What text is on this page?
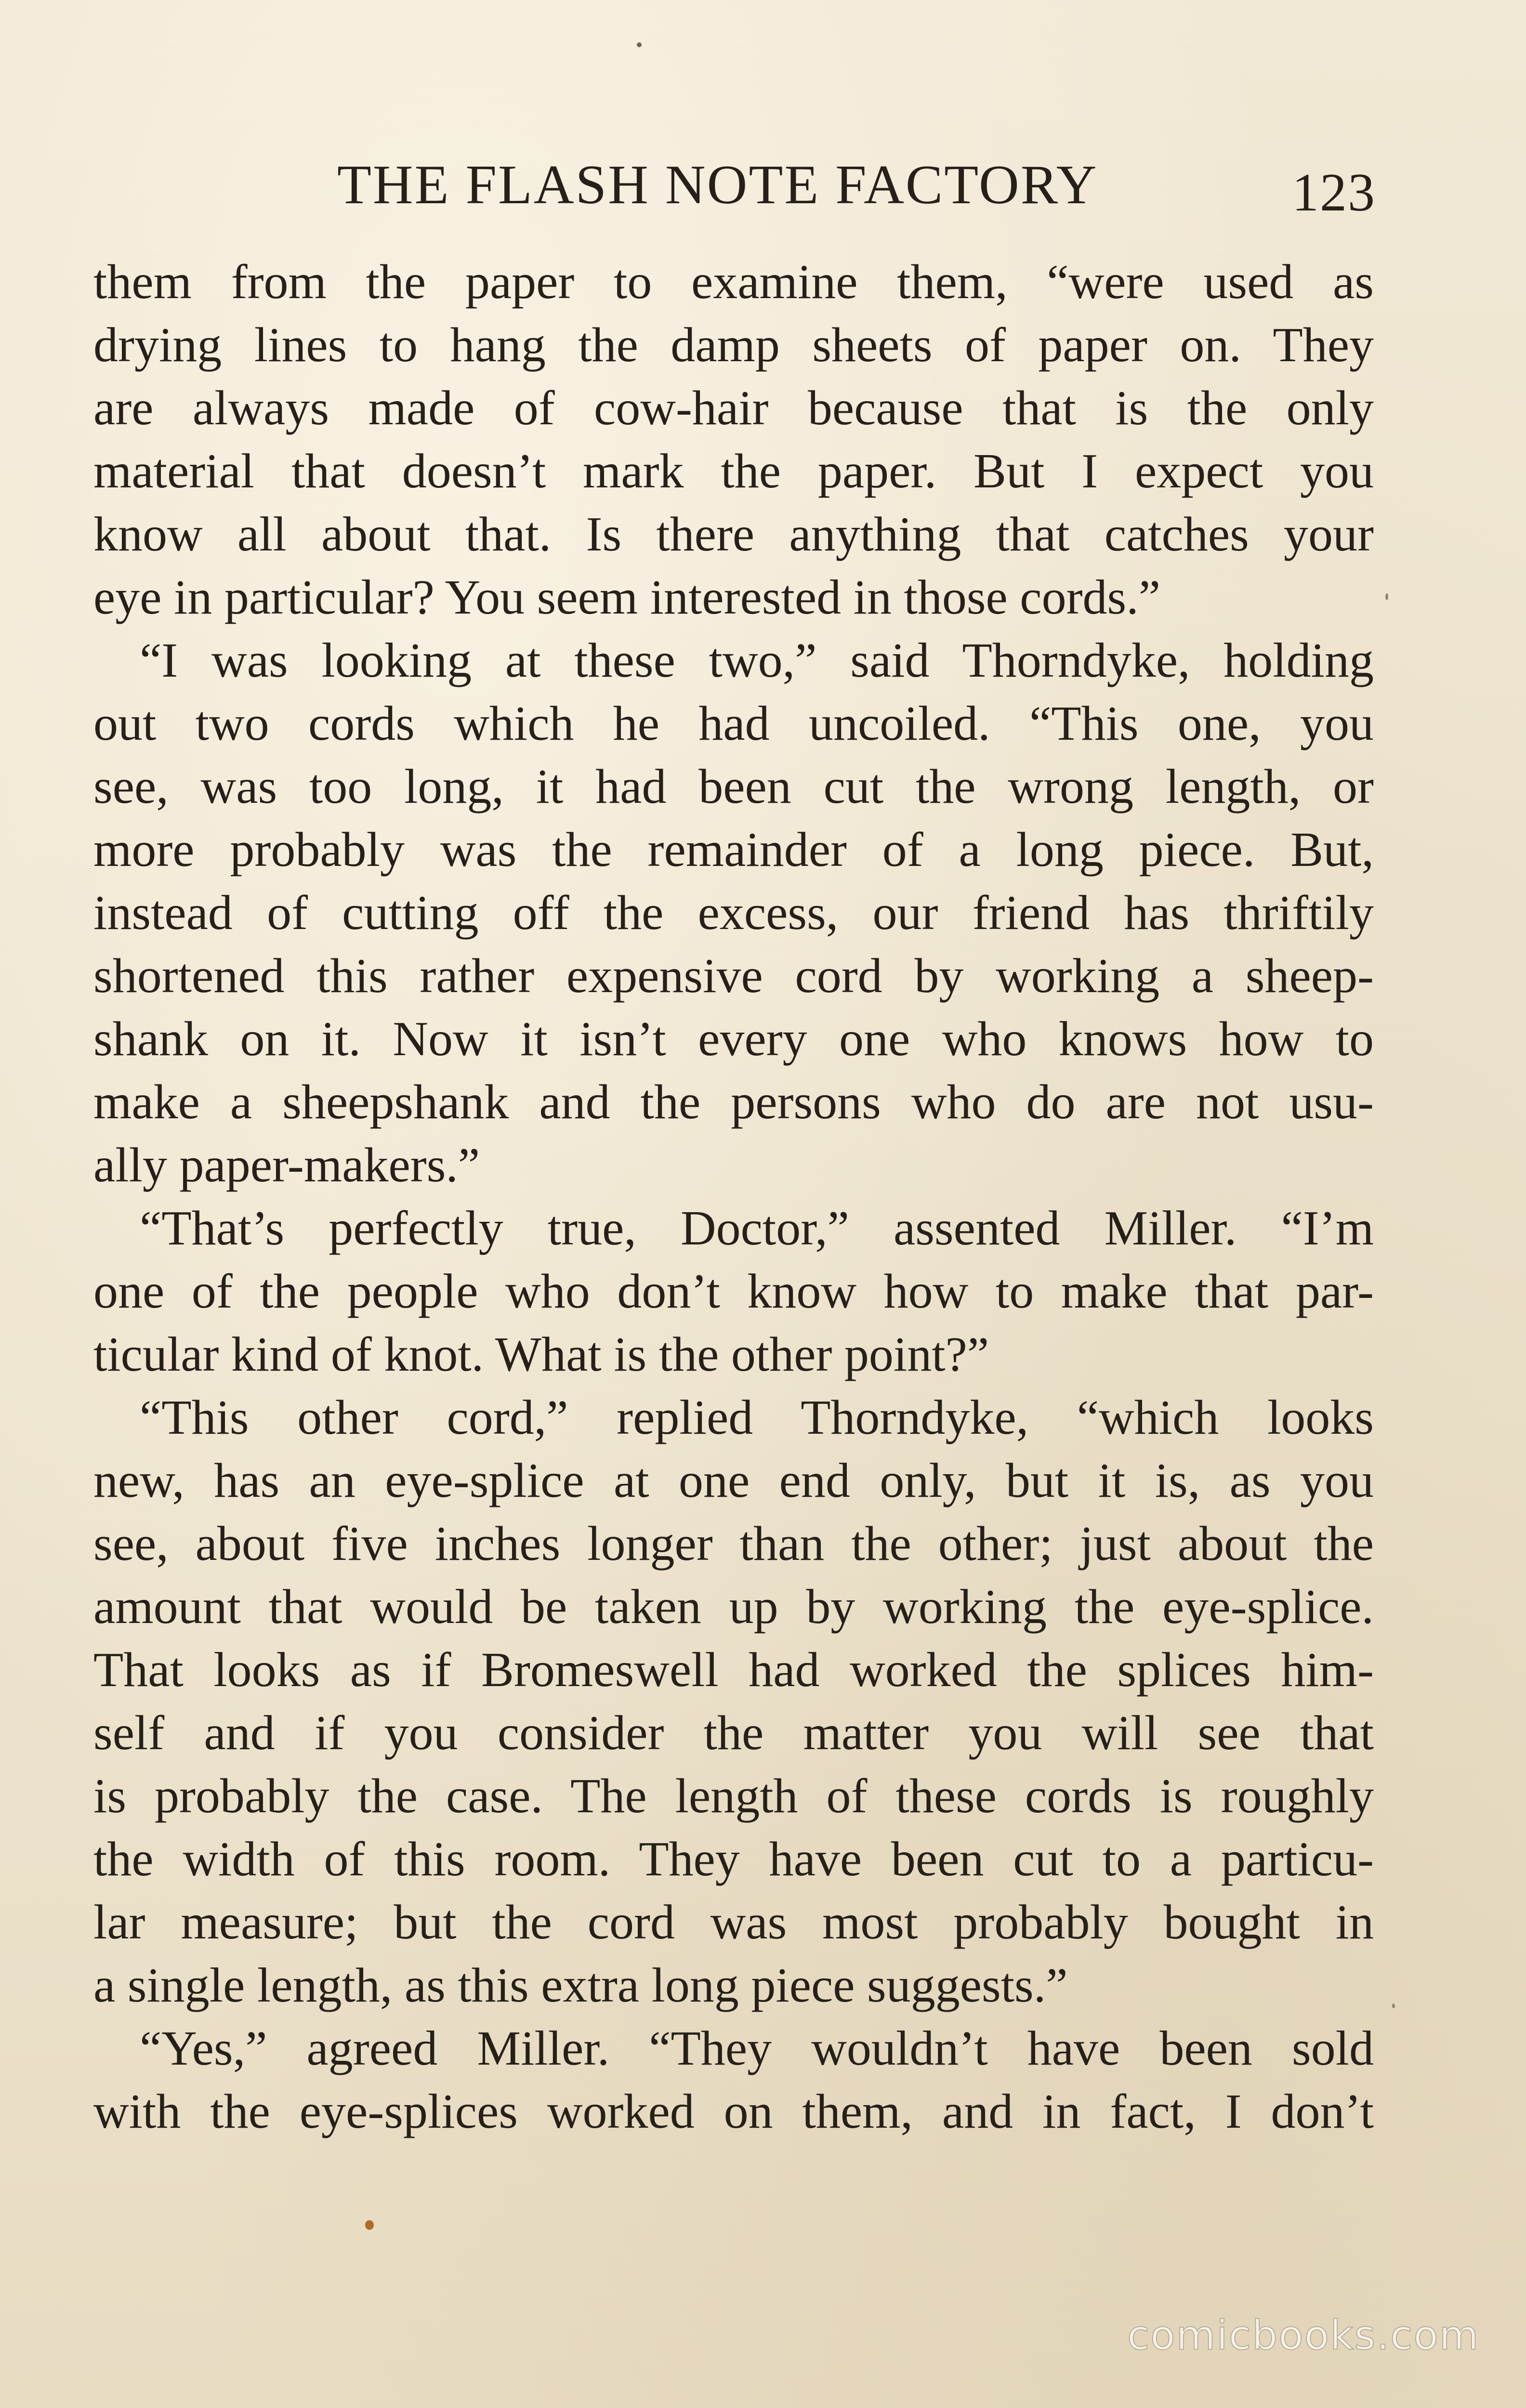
THE FLASH NOTE FACTORY	123
them from the paper to examine them, “were used as
drying lines to hang the damp sheets of paper on. They
are always made of cow-hair because that is the only
material that doesn’t mark the paper. But I expect you
know all about that. Is there anything that catches your
eye in particular? You seem interested in those cords.”
“I was looking at these two,” said Thorndyke, holding
out two cords which he had uncoiled. “This one, you
see, was too long, it had been cut the wrong length, or
more probably was the remainder of a long piece. But,
instead of cutting off the excess, our friend has thriftily
shortened this rather expensive cord by working a sheep-
shank on it. Now it isn’t every one who knows how to
make a sheepshank and the persons who do are not usu-
ally paper-makers.”
“That’s perfectly true, Doctor,” assented Miller. “I’m
one of the people who don’t know how to make that par-
ticular kind of knot. What is the other point?”
“This other cord,” replied Thorndyke, “which looks
new, has an eye-splice at one end only, but it is, as you
see, about five inches longer than the other; just about the
amount that would be taken up by working the eye-splice.
That looks as if Bromeswell had worked the splices him-
self and if you consider the matter you will see that
is probably the case. The length of these cords is roughly
the width of this room. They have been cut to a particu-
lar measure; but the cord was most probably bought in
a single length, as this extra long piece suggests.”
“Yes,” agreed Miller. “They wouldn’t have been sold
with the eye-splices worked on them, and in fact, I don’t
comicbooks.com
